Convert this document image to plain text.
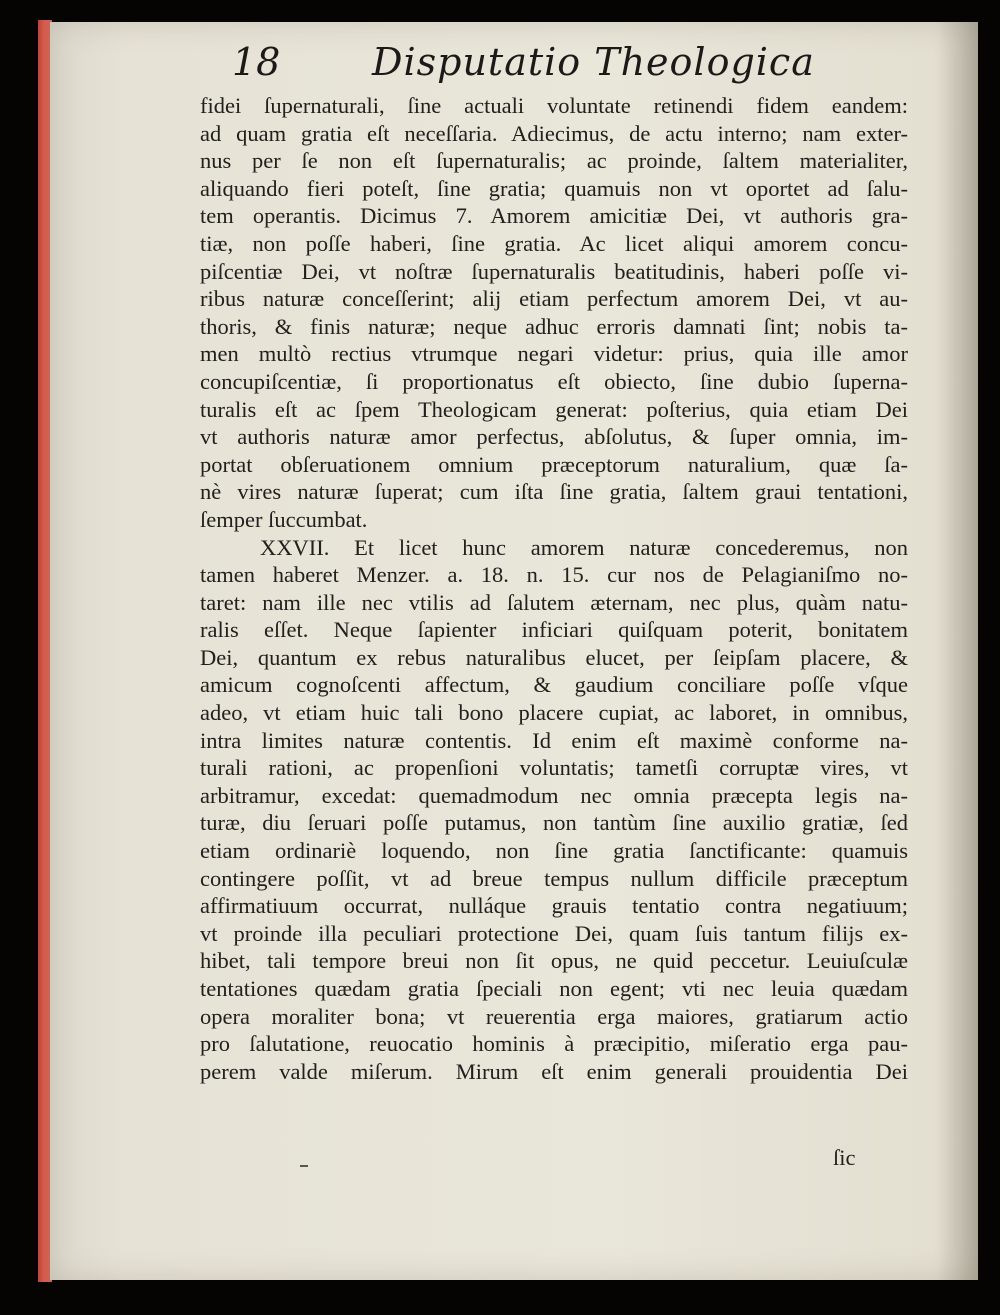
18 Disputatio Theologica
fidei ſupernaturali, ſine actuali voluntate retinendi fidem eandem:
ad quam gratia eſt neceſſaria. Adiecimus, de actu interno; nam exter-
nus per ſe non eſt ſupernaturalis; ac proinde, ſaltem materialiter,
aliquando fieri poteſt, ſine gratia; quamuis non vt oportet ad ſalu-
tem operantis. Dicimus 7. Amorem amicitiæ Dei, vt authoris gra-
tiæ, non poſſe haberi, ſine gratia. Ac licet aliqui amorem concu-
piſcentiæ Dei, vt noſtræ ſupernaturalis beatitudinis, haberi poſſe vi-
ribus naturæ conceſſerint; alij etiam perfectum amorem Dei, vt au-
thoris, & finis naturæ; neque adhuc erroris damnati ſint; nobis ta-
men multò rectius vtrumque negari videtur: prius, quia ille amor
concupiſcentiæ, ſi proportionatus eſt obiecto, ſine dubio ſuperna-
turalis eſt ac ſpem Theologicam generat: poſterius, quia etiam Dei
vt authoris naturæ amor perfectus, abſolutus, & ſuper omnia, im-
portat obſeruationem omnium præceptorum naturalium, quæ ſa-
nè vires naturæ ſuperat; cum iſta ſine gratia, ſaltem graui tentationi,
ſemper ſuccumbat.
XXVII. Et licet hunc amorem naturæ concederemus, non
tamen haberet Menzer. a. 18. n. 15. cur nos de Pelagianiſmo no-
taret: nam ille nec vtilis ad ſalutem æternam, nec plus, quàm natu-
ralis eſſet. Neque ſapienter inficiari quiſquam poterit, bonitatem
Dei, quantum ex rebus naturalibus elucet, per ſeipſam placere, &
amicum cognoſcenti affectum, & gaudium conciliare poſſe vſque
adeo, vt etiam huic tali bono placere cupiat, ac laboret, in omnibus,
intra limites naturæ contentis. Id enim eſt maximè conforme na-
turali rationi, ac propenſioni voluntatis; tametſi corruptæ vires, vt
arbitramur, excedat: quemadmodum nec omnia præcepta legis na-
turæ, diu ſeruari poſſe putamus, non tantùm ſine auxilio gratiæ, ſed
etiam ordinariè loquendo, non ſine gratia ſanctificante: quamuis
contingere poſſit, vt ad breue tempus nullum difficile præceptum
affirmatiuum occurrat, nulláque grauis tentatio contra negatiuum;
vt proinde illa peculiari protectione Dei, quam ſuis tantum filijs ex-
hibet, tali tempore breui non ſit opus, ne quid peccetur. Leuiuſculæ
tentationes quædam gratia ſpeciali non egent; vti nec leuia quædam
opera moraliter bona; vt reuerentia erga maiores, gratiarum actio
pro ſalutatione, reuocatio hominis à præcipitio, miſeratio erga pau-
perem valde miſerum. Mirum eſt enim generali prouidentia Dei
ſic
